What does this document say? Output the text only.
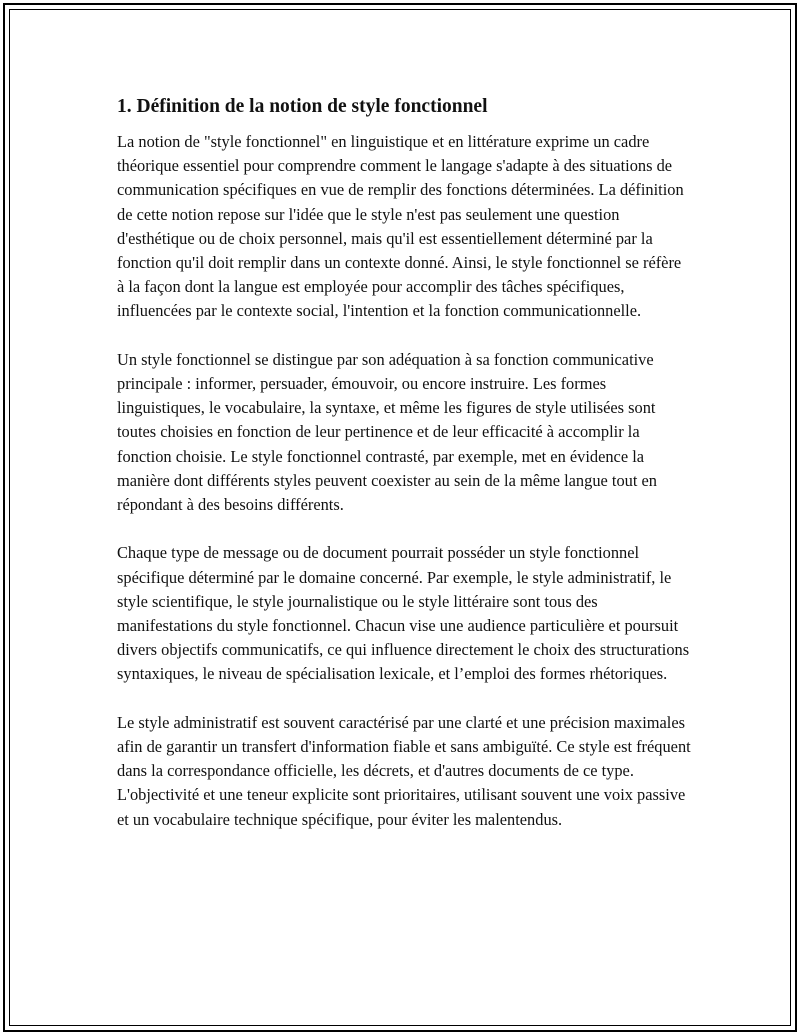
1. Définition de la notion de style fonctionnel

La notion de "style fonctionnel" en linguistique et en littérature exprime un cadre théorique essentiel pour comprendre comment le langage s'adapte à des situations de communication spécifiques en vue de remplir des fonctions déterminées. La définition de cette notion repose sur l'idée que le style n'est pas seulement une question d'esthétique ou de choix personnel, mais qu'il est essentiellement déterminé par la fonction qu'il doit remplir dans un contexte donné. Ainsi, le style fonctionnel se réfère à la façon dont la langue est employée pour accomplir des tâches spécifiques, influencées par le contexte social, l'intention et la fonction communicationnelle.

Un style fonctionnel se distingue par son adéquation à sa fonction communicative principale : informer, persuader, émouvoir, ou encore instruire. Les formes linguistiques, le vocabulaire, la syntaxe, et même les figures de style utilisées sont toutes choisies en fonction de leur pertinence et de leur efficacité à accomplir la fonction choisie. Le style fonctionnel contrasté, par exemple, met en évidence la manière dont différents styles peuvent coexister au sein de la même langue tout en répondant à des besoins différents.

Chaque type de message ou de document pourrait posséder un style fonctionnel spécifique déterminé par le domaine concerné. Par exemple, le style administratif, le style scientifique, le style journalistique ou le style littéraire sont tous des manifestations du style fonctionnel. Chacun vise une audience particulière et poursuit divers objectifs communicatifs, ce qui influence directement le choix des structurations syntaxiques, le niveau de spécialisation lexicale, et l’emploi des formes rhétoriques.

Le style administratif est souvent caractérisé par une clarté et une précision maximales afin de garantir un transfert d'information fiable et sans ambiguïté. Ce style est fréquent dans la correspondance officielle, les décrets, et d'autres documents de ce type. L'objectivité et une teneur explicite sont prioritaires, utilisant souvent une voix passive et un vocabulaire technique spécifique, pour éviter les malentendus.
